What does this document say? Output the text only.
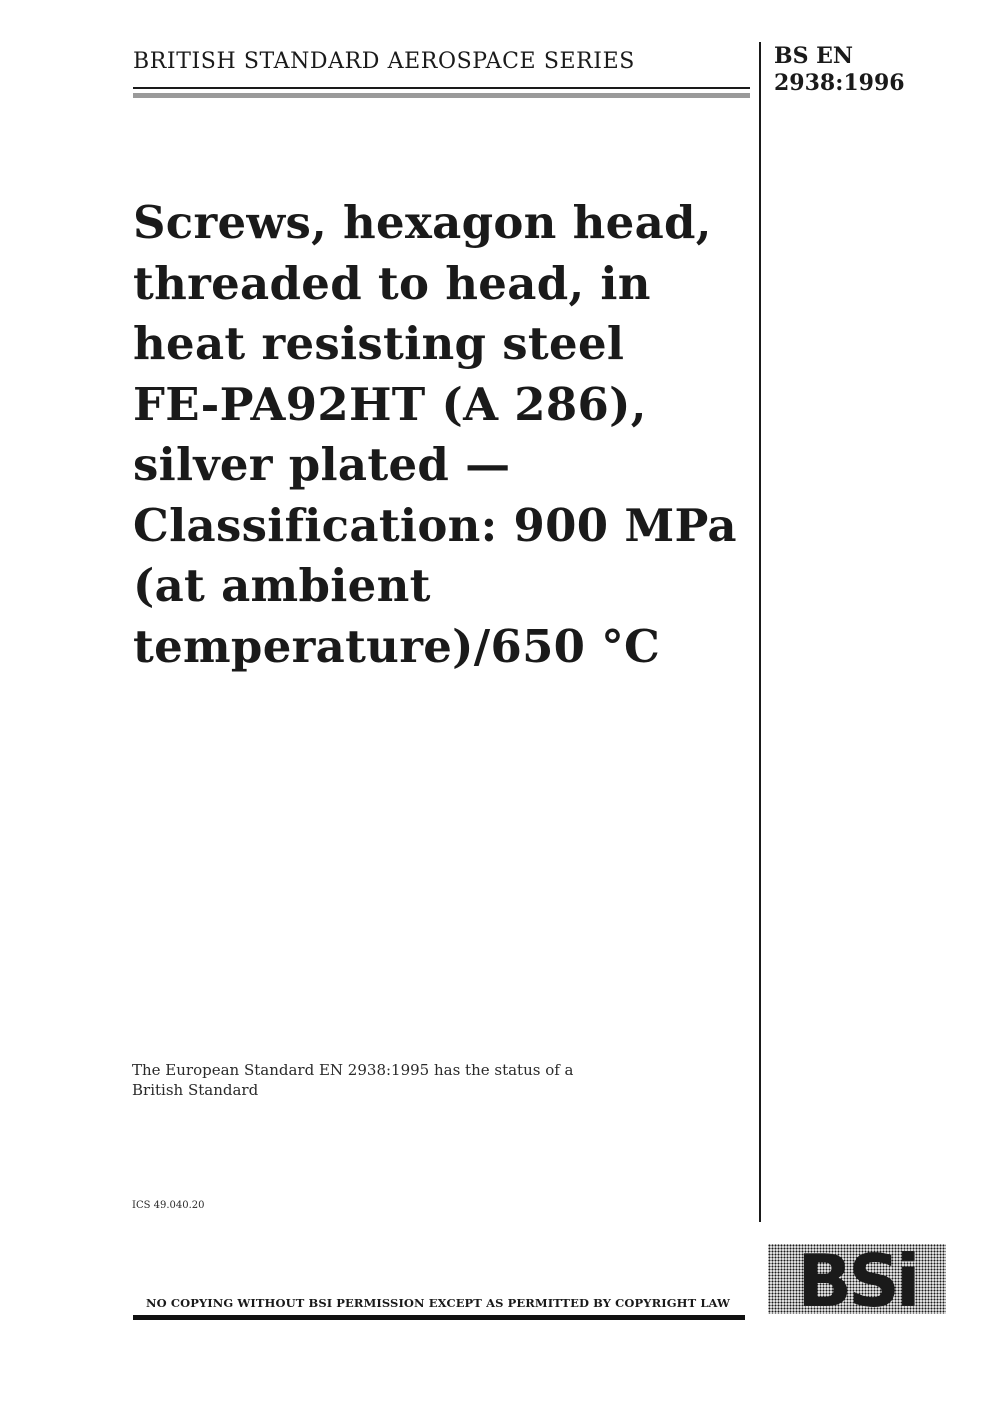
BRITISH STANDARD AEROSPACE SERIES	BS EN
2938:1996
Screws, hexagon head,
threaded to head, in
heat resisting steel
FE-PA92HT (A 286),
silver plated —
Classification: 900 MPa
(at ambient
temperature)/650 °C
The European Standard EN 2938:1995 has the status of a
British Standard
ICS 49.040.20
NO COPYING WITHOUT BSI PERMISSION EXCEPT AS PERMITTED BY COPYRIGHT LAW BSi
